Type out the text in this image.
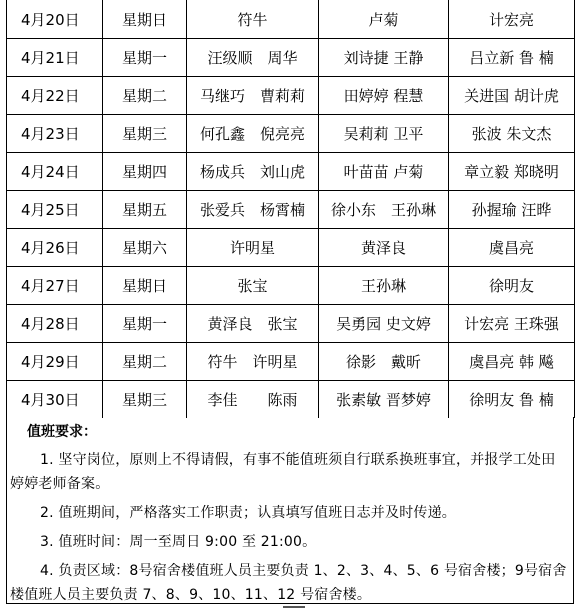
4月20日	星期日	符牛	卢菊	计宏亮
4月21日	星期一	汪级顺　周华	刘诗捷 王静	吕立新 鲁 楠
4月22日	星期二	马继巧　曹莉莉	田婷婷 程慧	关进国 胡计虎
4月23日	星期三	何孔鑫　倪亮亮	吴莉莉 卫平	张波 朱文杰
4月24日	星期四	杨成兵　刘山虎	叶苗苗 卢菊	章立毅 郑晓明
4月25日	星期五	张爱兵　杨霄楠	徐小东　王孙琳	孙握瑜 汪晔
4月26日	星期六	许明星	黄泽良	虞昌亮
4月27日	星期日	张宝	王孙琳	徐明友
4月28日	星期一	黄泽良　张宝	吴勇园 史文婷	计宏亮 王珠强
4月29日	星期二	符牛　许明星	徐影　戴昕	虞昌亮 韩 飚
4月30日	星期三	李佳　　陈雨	张素敏 晋梦婷	徐明友 鲁 楠
值班要求：
1. 坚守岗位，原则上不得请假，有事不能值班须自行联系换班事宜，并报学工处田婷婷老师备案。
2. 值班期间，严格落实工作职责；认真填写值班日志并及时传递。
3. 值班时间：周一至周日 9:00 至 21:00。
4. 负责区域：8号宿舍楼值班人员主要负责 1、2、3、4、5、6 号宿舍楼；9号宿舍楼值班人员主要负责 7、8、9、10、11、12 号宿舍楼。
